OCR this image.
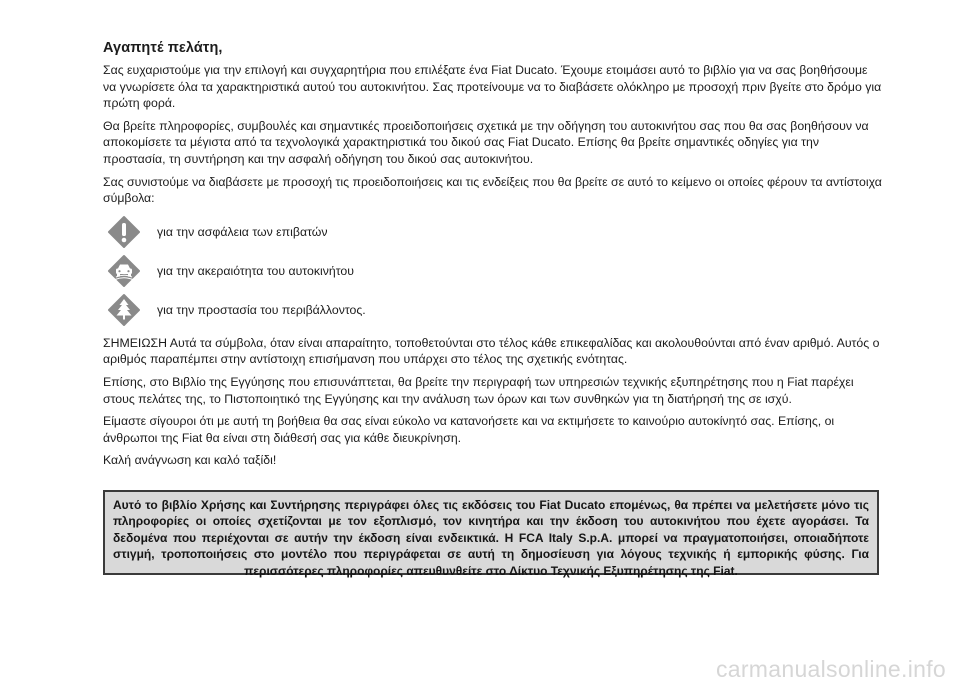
Αγαπητέ πελάτη,

Σας ευχαριστούμε για την επιλογή και συγχαρητήρια που επιλέξατε ένα Fiat Ducato. Έχουμε ετοιμάσει αυτό το βιβλίο για να σας βοηθήσουμε να γνωρίσετε όλα τα χαρακτηριστικά αυτού του αυτοκινήτου. Σας προτείνουμε να το διαβάσετε ολόκληρο με προσοχή πριν βγείτε στο δρόμο για πρώτη φορά.

Θα βρείτε πληροφορίες, συμβουλές και σημαντικές προειδοποιήσεις σχετικά με την οδήγηση του αυτοκινήτου σας που θα σας βοηθήσουν να αποκομίσετε τα μέγιστα από τα τεχνολογικά χαρακτηριστικά του δικού σας Fiat Ducato. Επίσης θα βρείτε σημαντικές οδηγίες για την προστασία, τη συντήρηση και την ασφαλή οδήγηση του δικού σας αυτοκινήτου.

Σας συνιστούμε να διαβάσετε με προσοχή τις προειδοποιήσεις και τις ενδείξεις που θα βρείτε σε αυτό το κείμενο οι οποίες φέρουν τα αντίστοιχα σύμβολα:

για την ασφάλεια των επιβατών
για την ακεραιότητα του αυτοκινήτου
για την προστασία του περιβάλλοντος.

ΣΗΜΕΙΩΣΗ Αυτά τα σύμβολα, όταν είναι απαραίτητο, τοποθετούνται στο τέλος κάθε επικεφαλίδας και ακολουθούνται από έναν αριθμό. Αυτός ο αριθμός παραπέμπει στην αντίστοιχη επισήμανση που υπάρχει στο τέλος της σχετικής ενότητας.

Επίσης, στο Βιβλίο της Εγγύησης που επισυνάπτεται, θα βρείτε την περιγραφή των υπηρεσιών τεχνικής εξυπηρέτησης που η Fiat παρέχει στους πελάτες της, το Πιστοποιητικό της Εγγύησης και την ανάλυση των όρων και των συνθηκών για τη διατήρησή της σε ισχύ.

Είμαστε σίγουροι ότι με αυτή τη βοήθεια θα σας είναι εύκολο να κατανοήσετε και να εκτιμήσετε το καινούριο αυτοκίνητό σας. Επίσης, οι άνθρωποι της Fiat θα είναι στη διάθεσή σας για κάθε διευκρίνηση.

Καλή ανάγνωση και καλό ταξίδι!

Αυτό το βιβλίο Χρήσης και Συντήρησης περιγράφει όλες τις εκδόσεις του Fiat Ducato επομένως, θα πρέπει να μελετήσετε μόνο τις πληροφορίες οι οποίες σχετίζονται με τον εξοπλισμό, τον κινητήρα και την έκδοση του αυτοκινήτου που έχετε αγοράσει. Τα δεδομένα που περιέχονται σε αυτήν την έκδοση είναι ενδεικτικά. Η FCA Italy S.p.A. μπορεί να πραγματοποιήσει, οποιαδήποτε στιγμή, τροποποιήσεις στο μοντέλο που περιγράφεται σε αυτή τη δημοσίευση για λόγους τεχνικής ή εμπορικής φύσης. Για περισσότερες πληροφορίες απευθυνθείτε στο Δίκτυο Τεχνικής Εξυπηρέτησης της Fiat.
carmanualsonline.info
